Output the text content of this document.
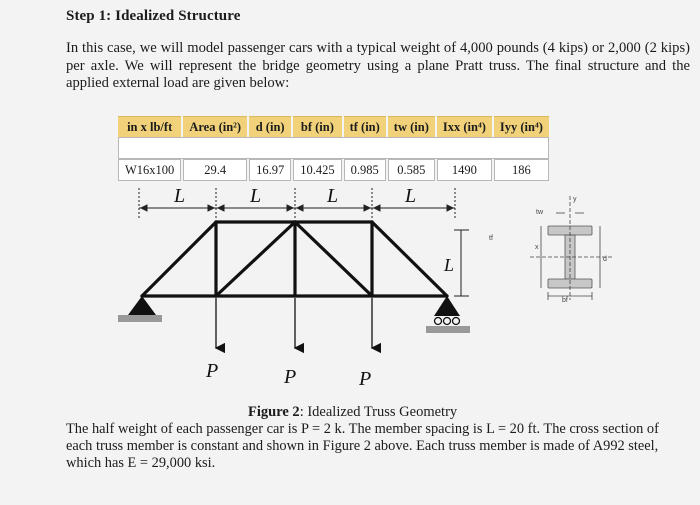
Step 1: Idealized Structure
In this case, we will model passenger cars with a typical weight of 4,000 pounds (4 kips) or 2,000 (2 kips) per axle. We will represent the bridge geometry using a plane Pratt truss. The final structure and the applied external load are given below:
in x lb/ft	Area (in²)	d (in)	bf (in)	tf (in)	tw (in)	Ixx (in⁴)	Iyy (in⁴)

W16x100	29.4	16.97	10.425	0.985	0.585	1490	186
L	L	L	L
L
P	P	P
tw
tf
y
x
d
bf
Figure 2: Idealized Truss Geometry
The half weight of each passenger car is P = 2 k. The member spacing is L = 20 ft. The cross section of each truss member is constant and shown in Figure 2 above. Each truss member is made of A992 steel, which has E = 29,000 ksi.
